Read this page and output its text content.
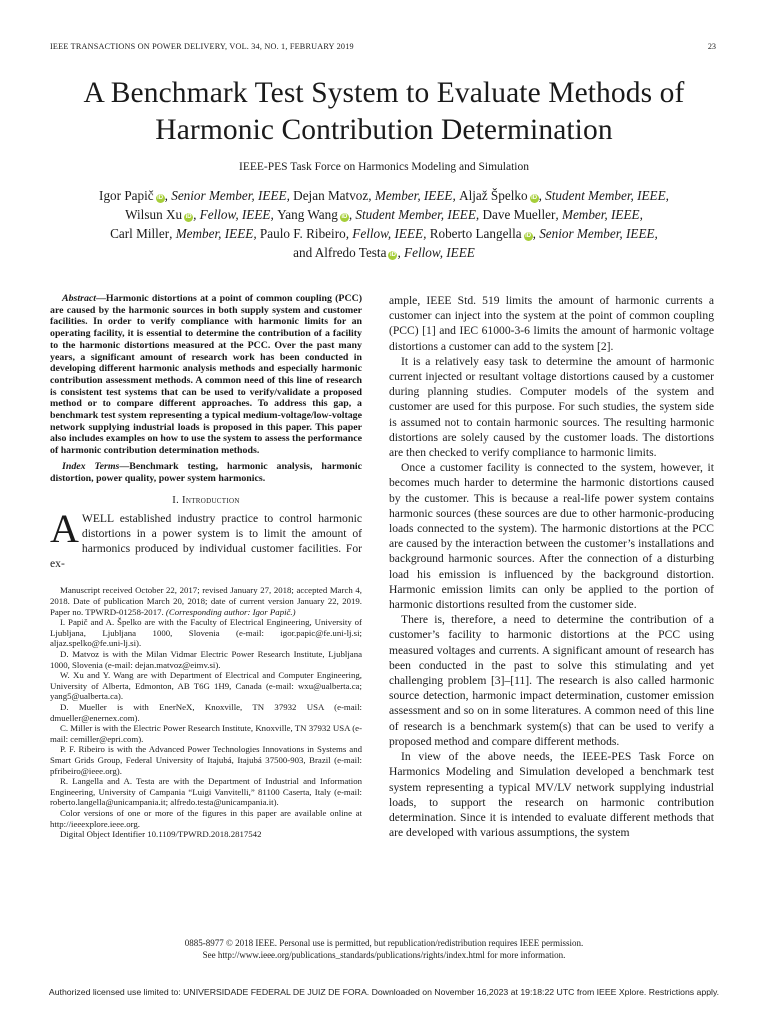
IEEE TRANSACTIONS ON POWER DELIVERY, VOL. 34, NO. 1, FEBRUARY 2019	23
A Benchmark Test System to Evaluate Methods of
Harmonic Contribution Determination
IEEE-PES Task Force on Harmonics Modeling and Simulation
Igor Papič iD , Senior Member, IEEE, Dejan Matvoz, Member, IEEE, Aljaž Špelko iD , Student Member, IEEE,
Wilsun Xu iD , Fellow, IEEE, Yang Wang iD , Student Member, IEEE, Dave Mueller, Member, IEEE,
Carl Miller, Member, IEEE, Paulo F. Ribeiro, Fellow, IEEE, Roberto Langella iD , Senior Member, IEEE,
and Alfredo Testa iD , Fellow, IEEE

Abstract—Harmonic distortions at a point of common coupling (PCC) are caused by the harmonic sources in both supply system and customer facilities. In order to verify compliance with harmonic limits for an operating facility, it is essential to determine the contribution of a facility to the harmonic distortions measured at the PCC. Over the past many years, a significant amount of research work has been conducted in developing different harmonic analysis methods and especially harmonic contribution assessment methods. A common need of this line of research is consistent test systems that can be used to verify/validate a proposed method or to compare different approaches. To address this gap, a benchmark test system representing a typical medium-voltage/low-voltage network supplying industrial loads is proposed in this paper. This paper also includes examples on how to use the system to assess the performance of harmonic contribution determination methods.

Index Terms—Benchmark testing, harmonic analysis, harmonic distortion, power quality, power system harmonics.

I. Introduction

A WELL established industry practice to control harmonic distortions in a power system is to limit the amount of harmonics produced by individual customer facilities. For ex-

Manuscript received October 22, 2017; revised January 27, 2018; accepted March 4, 2018. Date of publication March 20, 2018; date of current version January 22, 2019. Paper no. TPWRD-01258-2017. (Corresponding author: Igor Papič.)

I. Papič and A. Špelko are with the Faculty of Electrical Engineering, University of Ljubljana, Ljubljana 1000, Slovenia (e-mail: igor.papic@fe.uni-lj.si; aljaz.spelko@fe.uni-lj.si).

D. Matvoz is with the Milan Vidmar Electric Power Research Institute, Ljubljana 1000, Slovenia (e-mail: dejan.matvoz@eimv.si).

W. Xu and Y. Wang are with Department of Electrical and Computer Engineering, University of Alberta, Edmonton, AB T6G 1H9, Canada (e-mail: wxu@ualberta.ca; yang5@ualberta.ca).

D. Mueller is with EnerNeX, Knoxville, TN 37932 USA (e-mail: dmueller@enernex.com).

C. Miller is with the Electric Power Research Institute, Knoxville, TN 37932 USA (e-mail: cemiller@epri.com).

P. F. Ribeiro is with the Advanced Power Technologies Innovations in Systems and Smart Grids Group, Federal University of Itajubá, Itajubá 37500-903, Brazil (e-mail: pfribeiro@ieee.org).

R. Langella and A. Testa are with the Department of Industrial and Information Engineering, University of Campania “Luigi Vanvitelli,” 81100 Caserta, Italy (e-mail: roberto.langella@unicampania.it; alfredo.testa@unicampania.it).

Color versions of one or more of the figures in this paper are available online at http://ieeexplore.ieee.org.

Digital Object Identifier 10.1109/TPWRD.2018.2817542

ample, IEEE Std. 519 limits the amount of harmonic currents a customer can inject into the system at the point of common coupling (PCC) [1] and IEC 61000-3-6 limits the amount of harmonic voltage distortions a customer can add to the system [2].

It is a relatively easy task to determine the amount of harmonic current injected or resultant voltage distortions caused by a customer during planning studies. Computer models of the system and customer are used for this purpose. For such studies, the system side is assumed not to contain harmonic sources. The resulting harmonic distortions are solely caused by the customer loads. The distortions are then checked to verify compliance to harmonic limits.

Once a customer facility is connected to the system, however, it becomes much harder to determine the harmonic distortions caused by the customer. This is because a real-life power system contains harmonic sources (these sources are due to other harmonic-producing loads connected to the system). The harmonic distortions at the PCC are caused by the interaction between the customer’s installations and background harmonic sources. After the connection of a disturbing load his emission is influenced by the background distortion. Harmonic emission limits can only be applied to the portion of harmonic distortions resulted from the customer side.

There is, therefore, a need to determine the contribution of a customer’s facility to harmonic distortions at the PCC using measured voltages and currents. A significant amount of research has been conducted in the past to solve this stimulating and yet challenging problem [3]–[11]. The research is also called harmonic source detection, harmonic impact determination, customer emission assessment and so on in some literatures. A common need of this line of research is a benchmark system(s) that can be used to verify a proposed method and compare different methods.

In view of the above needs, the IEEE-PES Task Force on Harmonics Modeling and Simulation developed a benchmark test system representing a typical MV/LV network supplying industrial loads, to support the research on harmonic contribution determination. Since it is intended to evaluate different methods that are developed with various assumptions, the system

0885-8977 © 2018 IEEE. Personal use is permitted, but republication/redistribution requires IEEE permission.
See http://www.ieee.org/publications_standards/publications/rights/index.html for more information.
Authorized licensed use limited to: UNIVERSIDADE FEDERAL DE JUIZ DE FORA. Downloaded on November 16,2023 at 19:18:22 UTC from IEEE Xplore. Restrictions apply.
